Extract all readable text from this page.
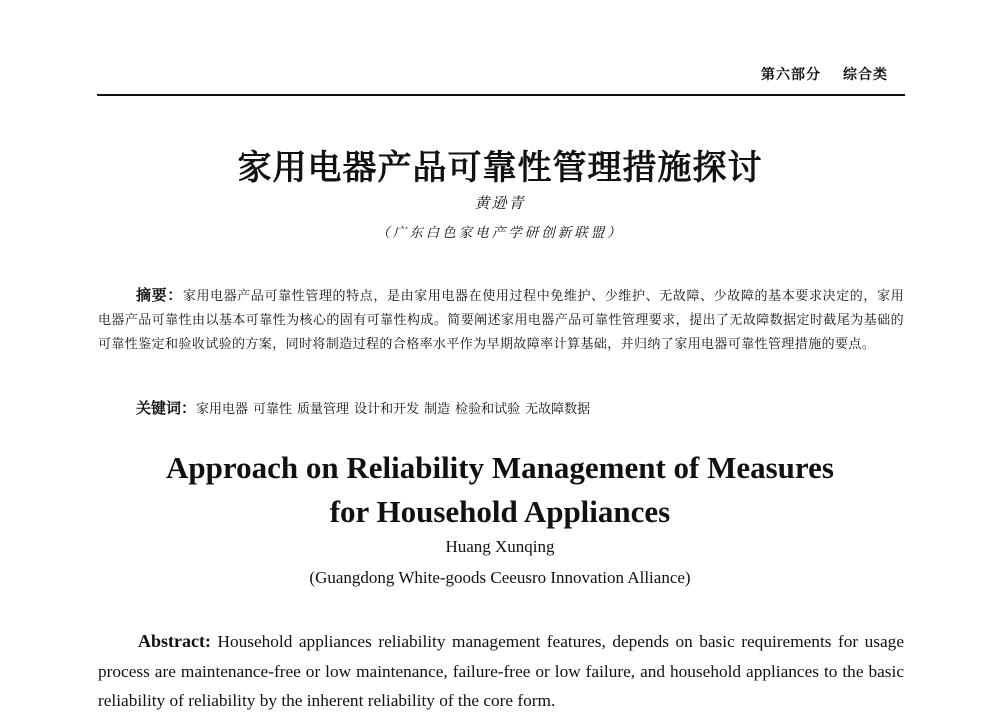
第六部分 综合类
家用电器产品可靠性管理措施探讨
黄逊青
（广东白色家电产学研创新联盟）
摘要：家用电器产品可靠性管理的特点，是由家用电器在使用过程中免维护、少维护、无故障、少故障的基本要求决定的，家用电器产品可靠性由以基本可靠性为核心的固有可靠性构成。简要阐述家用电器产品可靠性管理要求，提出了无故障数据定时截尾为基础的可靠性鉴定和验收试验的方案，同时将制造过程的合格率水平作为早期故障率计算基础，并归纳了家用电器可靠性管理措施的要点。
关键词：家用电器 可靠性 质量管理 设计和开发 制造 检验和试验 无故障数据
Approach on Reliability Management of Measures
for Household Appliances
Huang Xunqing
(Guangdong White-goods Ceeusro Innovation Alliance)
Abstract: Household appliances reliability management features, depends on basic requirements for usage process are maintenance-free or low maintenance, failure-free or low failure, and household appliances to the basic reliability of reliability by the inherent reliability of the core form.
